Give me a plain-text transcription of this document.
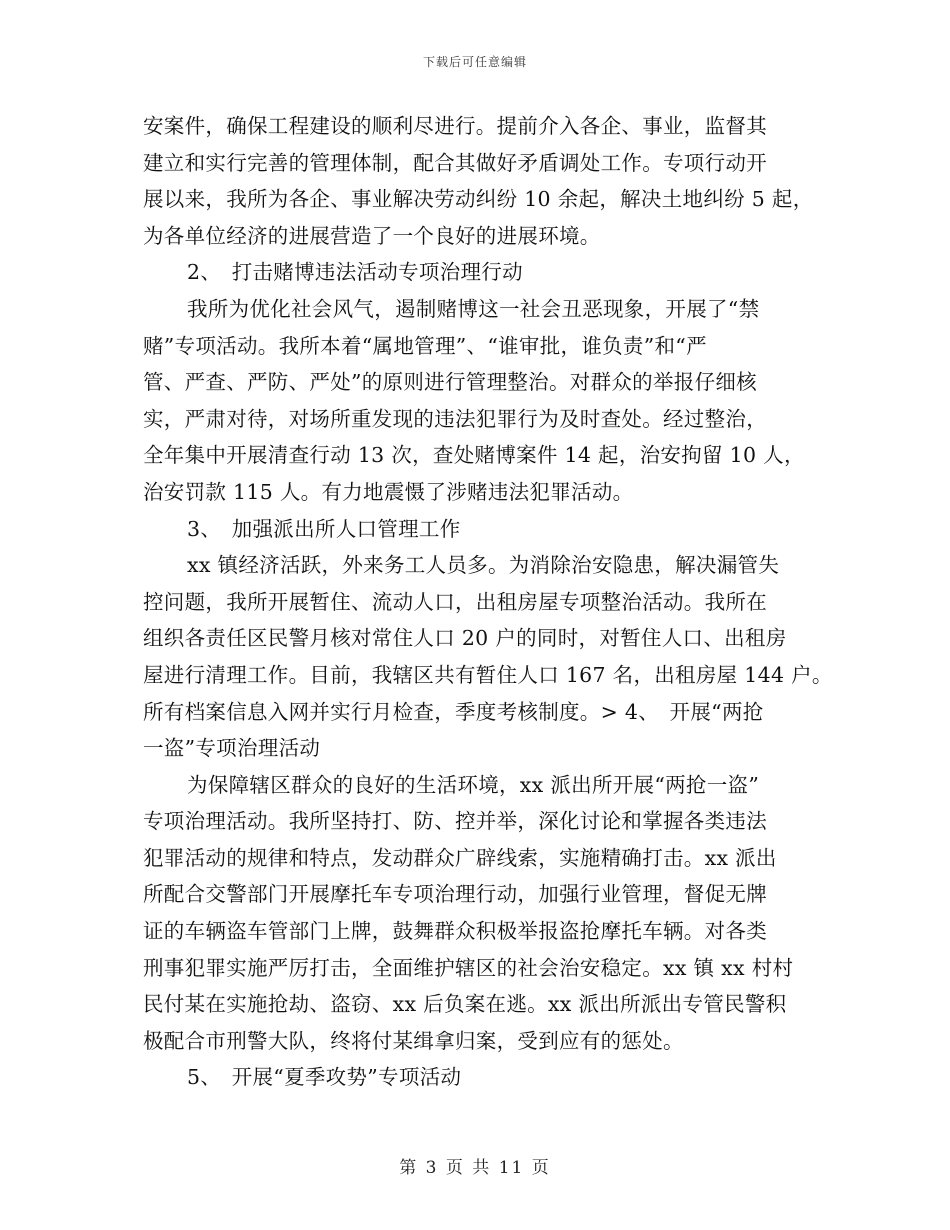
下载后可任意编辑
安案件，确保工程建设的顺利尽进行。提前介入各企、事业，监督其
建立和实行完善的管理体制，配合其做好矛盾调处工作。专项行动开
展以来，我所为各企、事业解决劳动纠纷 10 余起，解决土地纠纷 5 起，
为各单位经济的进展营造了一个良好的进展环境。
2、　打击赌博违法活动专项治理行动
我所为优化社会风气，遏制赌博这一社会丑恶现象，开展了“禁
赌”专项活动。我所本着“属地管理”、“谁审批，谁负责”和“严
管、严查、严防、严处”的原则进行管理整治。对群众的举报仔细核
实，严肃对待，对场所重发现的违法犯罪行为及时查处。经过整治，
全年集中开展清查行动 13 次，查处赌博案件 14 起，治安拘留 10 人，
治安罚款 115 人。有力地震慑了涉赌违法犯罪活动。
3、　加强派出所人口管理工作
xx 镇经济活跃，外来务工人员多。为消除治安隐患，解决漏管失
控问题，我所开展暂住、流动人口，出租房屋专项整治活动。我所在
组织各责任区民警月核对常住人口 20 户的同时，对暂住人口、出租房
屋进行清理工作。目前，我辖区共有暂住人口 167 名，出租房屋 144 户。
所有档案信息入网并实行月检查，季度考核制度。> 4、　开展“两抢
一盗”专项治理活动
为保障辖区群众的良好的生活环境，xx 派出所开展“两抢一盗”
专项治理活动。我所坚持打、防、控并举，深化讨论和掌握各类违法
犯罪活动的规律和特点，发动群众广辟线索，实施精确打击。xx 派出
所配合交警部门开展摩托车专项治理行动，加强行业管理，督促无牌
证的车辆盗车管部门上牌，鼓舞群众积极举报盗抢摩托车辆。对各类
刑事犯罪实施严厉打击，全面维护辖区的社会治安稳定。xx 镇 xx 村村
民付某在实施抢劫、盗窃、xx 后负案在逃。xx 派出所派出专管民警积
极配合市刑警大队，终将付某缉拿归案，受到应有的惩处。
5、　开展“夏季攻势”专项活动
第 3 页 共 11 页
